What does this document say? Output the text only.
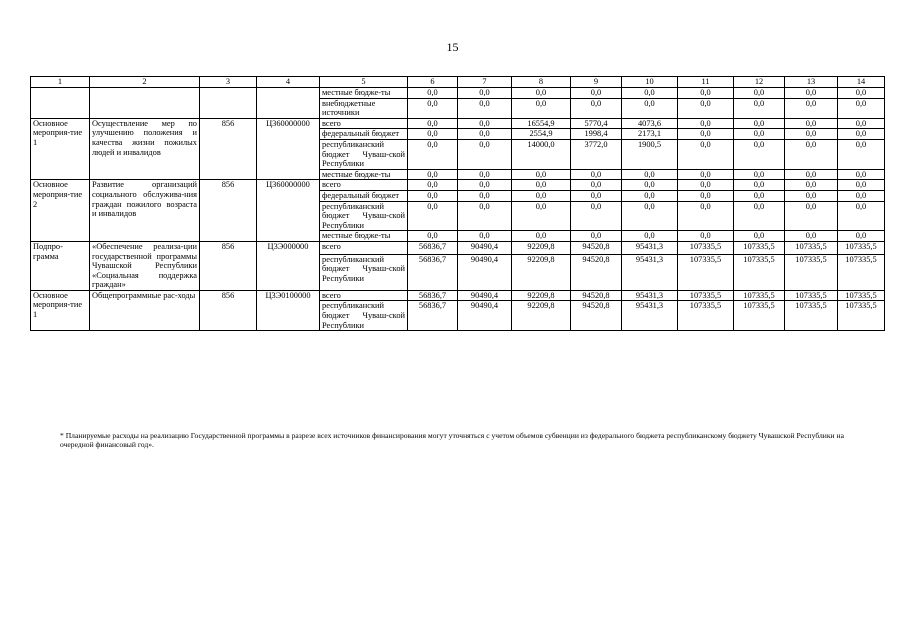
15
1	2	3	4	5	6	7	8	9	10	11	12	13	14
				местные бюдже-ты	0,0	0,0	0,0	0,0	0,0	0,0	0,0	0,0	0,0
				внебюджетные источники	0,0	0,0	0,0	0,0	0,0	0,0	0,0	0,0	0,0
Основное мероприя-тие 1	Осуществление мер по улучшению положения и качества жизни пожилых людей и инвалидов	856	Ц360000000	всего	0,0	0,0	16554,9	5770,4	4073,6	0,0	0,0	0,0	0,0
				федеральный бюджет	0,0	0,0	2554,9	1998,4	2173,1	0,0	0,0	0,0	0,0
				республиканский бюджет Чуваш-ской Республики	0,0	0,0	14000,0	3772,0	1900,5	0,0	0,0	0,0	0,0
				местные бюдже-ты	0,0	0,0	0,0	0,0	0,0	0,0	0,0	0,0	0,0
Основное мероприя-тие 2	Развитие организаций социального обслужива-ния граждан пожилого возраста и инвалидов	856	Ц360000000	всего	0,0	0,0	0,0	0,0	0,0	0,0	0,0	0,0	0,0
				федеральный бюджет	0,0	0,0	0,0	0,0	0,0	0,0	0,0	0,0	0,0
				республиканский бюджет Чуваш-ской Республики	0,0	0,0	0,0	0,0	0,0	0,0	0,0	0,0	0,0
				местные бюдже-ты	0,0	0,0	0,0	0,0	0,0	0,0	0,0	0,0	0,0
Подпро-грамма	«Обеспечение реализа-ции государственной программы Чувашской Республики «Социальная поддержка граждан»	856	Ц3Э000000	всего	56836,7	90490,4	92209,8	94520,8	95431,3	107335,5	107335,5	107335,5	107335,5
				республиканский бюджет Чуваш-ской Республики	56836,7	90490,4	92209,8	94520,8	95431,3	107335,5	107335,5	107335,5	107335,5
Основное мероприя-тие 1	Общепрограммные рас-ходы	856	Ц3Э0100000	всего	56836,7	90490,4	92209,8	94520,8	95431,3	107335,5	107335,5	107335,5	107335,5
				республиканский бюджет Чуваш-ской Республики	56836,7	90490,4	92209,8	94520,8	95431,3	107335,5	107335,5	107335,5	107335,5
* Планируемые расходы на реализацию Государственной программы в разрезе всех источников финансирования могут уточняться с учетом объемов субвенции из федерального бюджета республиканскому бюджету Чувашской Республики на очередной финансовый год».
